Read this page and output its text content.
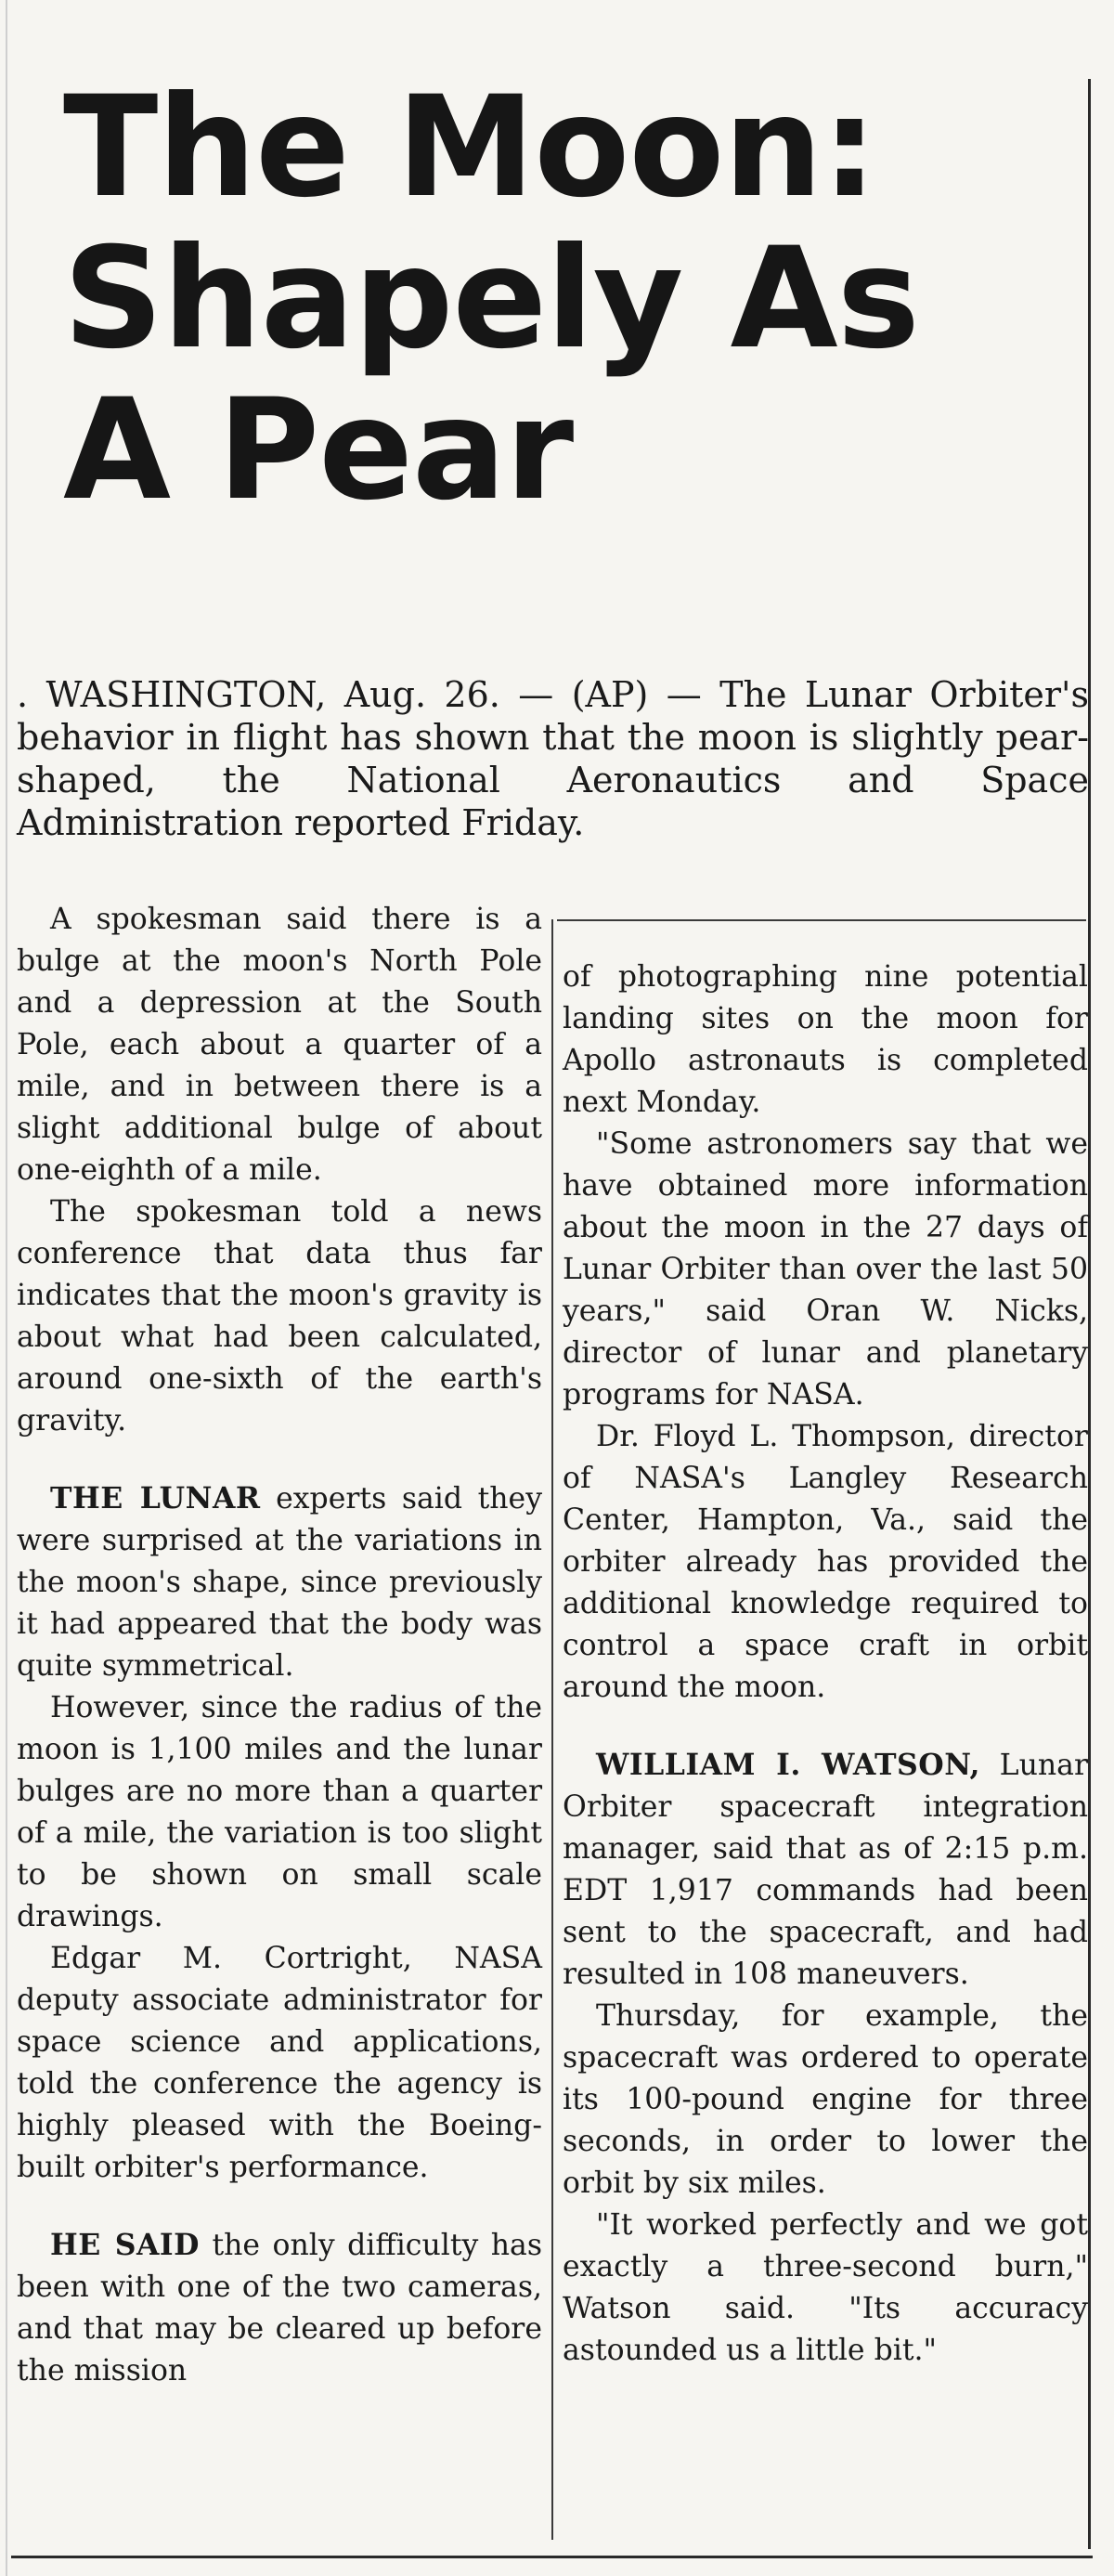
The Moon:
Shapely As
A Pear

. WASHINGTON, Aug. 26. — (AP) — The Lunar Orbiter's behavior in flight has shown that the moon is slightly pear-shaped, the National Aeronautics and Space Administration reported Friday.

A spokesman said there is a bulge at the moon's North Pole and a depression at the South Pole, each about a quarter of a mile, and in between there is a slight additional bulge of about one-eighth of a mile.

The spokesman told a news conference that data thus far indicates that the moon's gravity is about what had been calculated, around one-sixth of the earth's gravity.

THE LUNAR experts said they were surprised at the variations in the moon's shape, since previously it had appeared that the body was quite symmetrical.

However, since the radius of the moon is 1,100 miles and the lunar bulges are no more than a quarter of a mile, the variation is too slight to be shown on small scale drawings.

Edgar M. Cortright, NASA deputy associate administrator for space science and applications, told the conference the agency is highly pleased with the Boeing-built orbiter's performance.

HE SAID the only difficulty has been with one of the two cameras, and that may be cleared up before the mission

of photographing nine potential landing sites on the moon for Apollo astronauts is completed next Monday.

"Some astronomers say that we have obtained more information about the moon in the 27 days of Lunar Orbiter than over the last 50 years," said Oran W. Nicks, director of lunar and planetary programs for NASA.

Dr. Floyd L. Thompson, director of NASA's Langley Research Center, Hampton, Va., said the orbiter already has provided the additional knowledge required to control a space craft in orbit around the moon.

WILLIAM I. WATSON, Lunar Orbiter spacecraft integration manager, said that as of 2:15 p.m. EDT 1,917 commands had been sent to the spacecraft, and had resulted in 108 maneuvers.

Thursday, for example, the spacecraft was ordered to operate its 100-pound engine for three seconds, in order to lower the orbit by six miles.

"It worked perfectly and we got exactly a three-second burn," Watson said. "Its accuracy astounded us a little bit."
